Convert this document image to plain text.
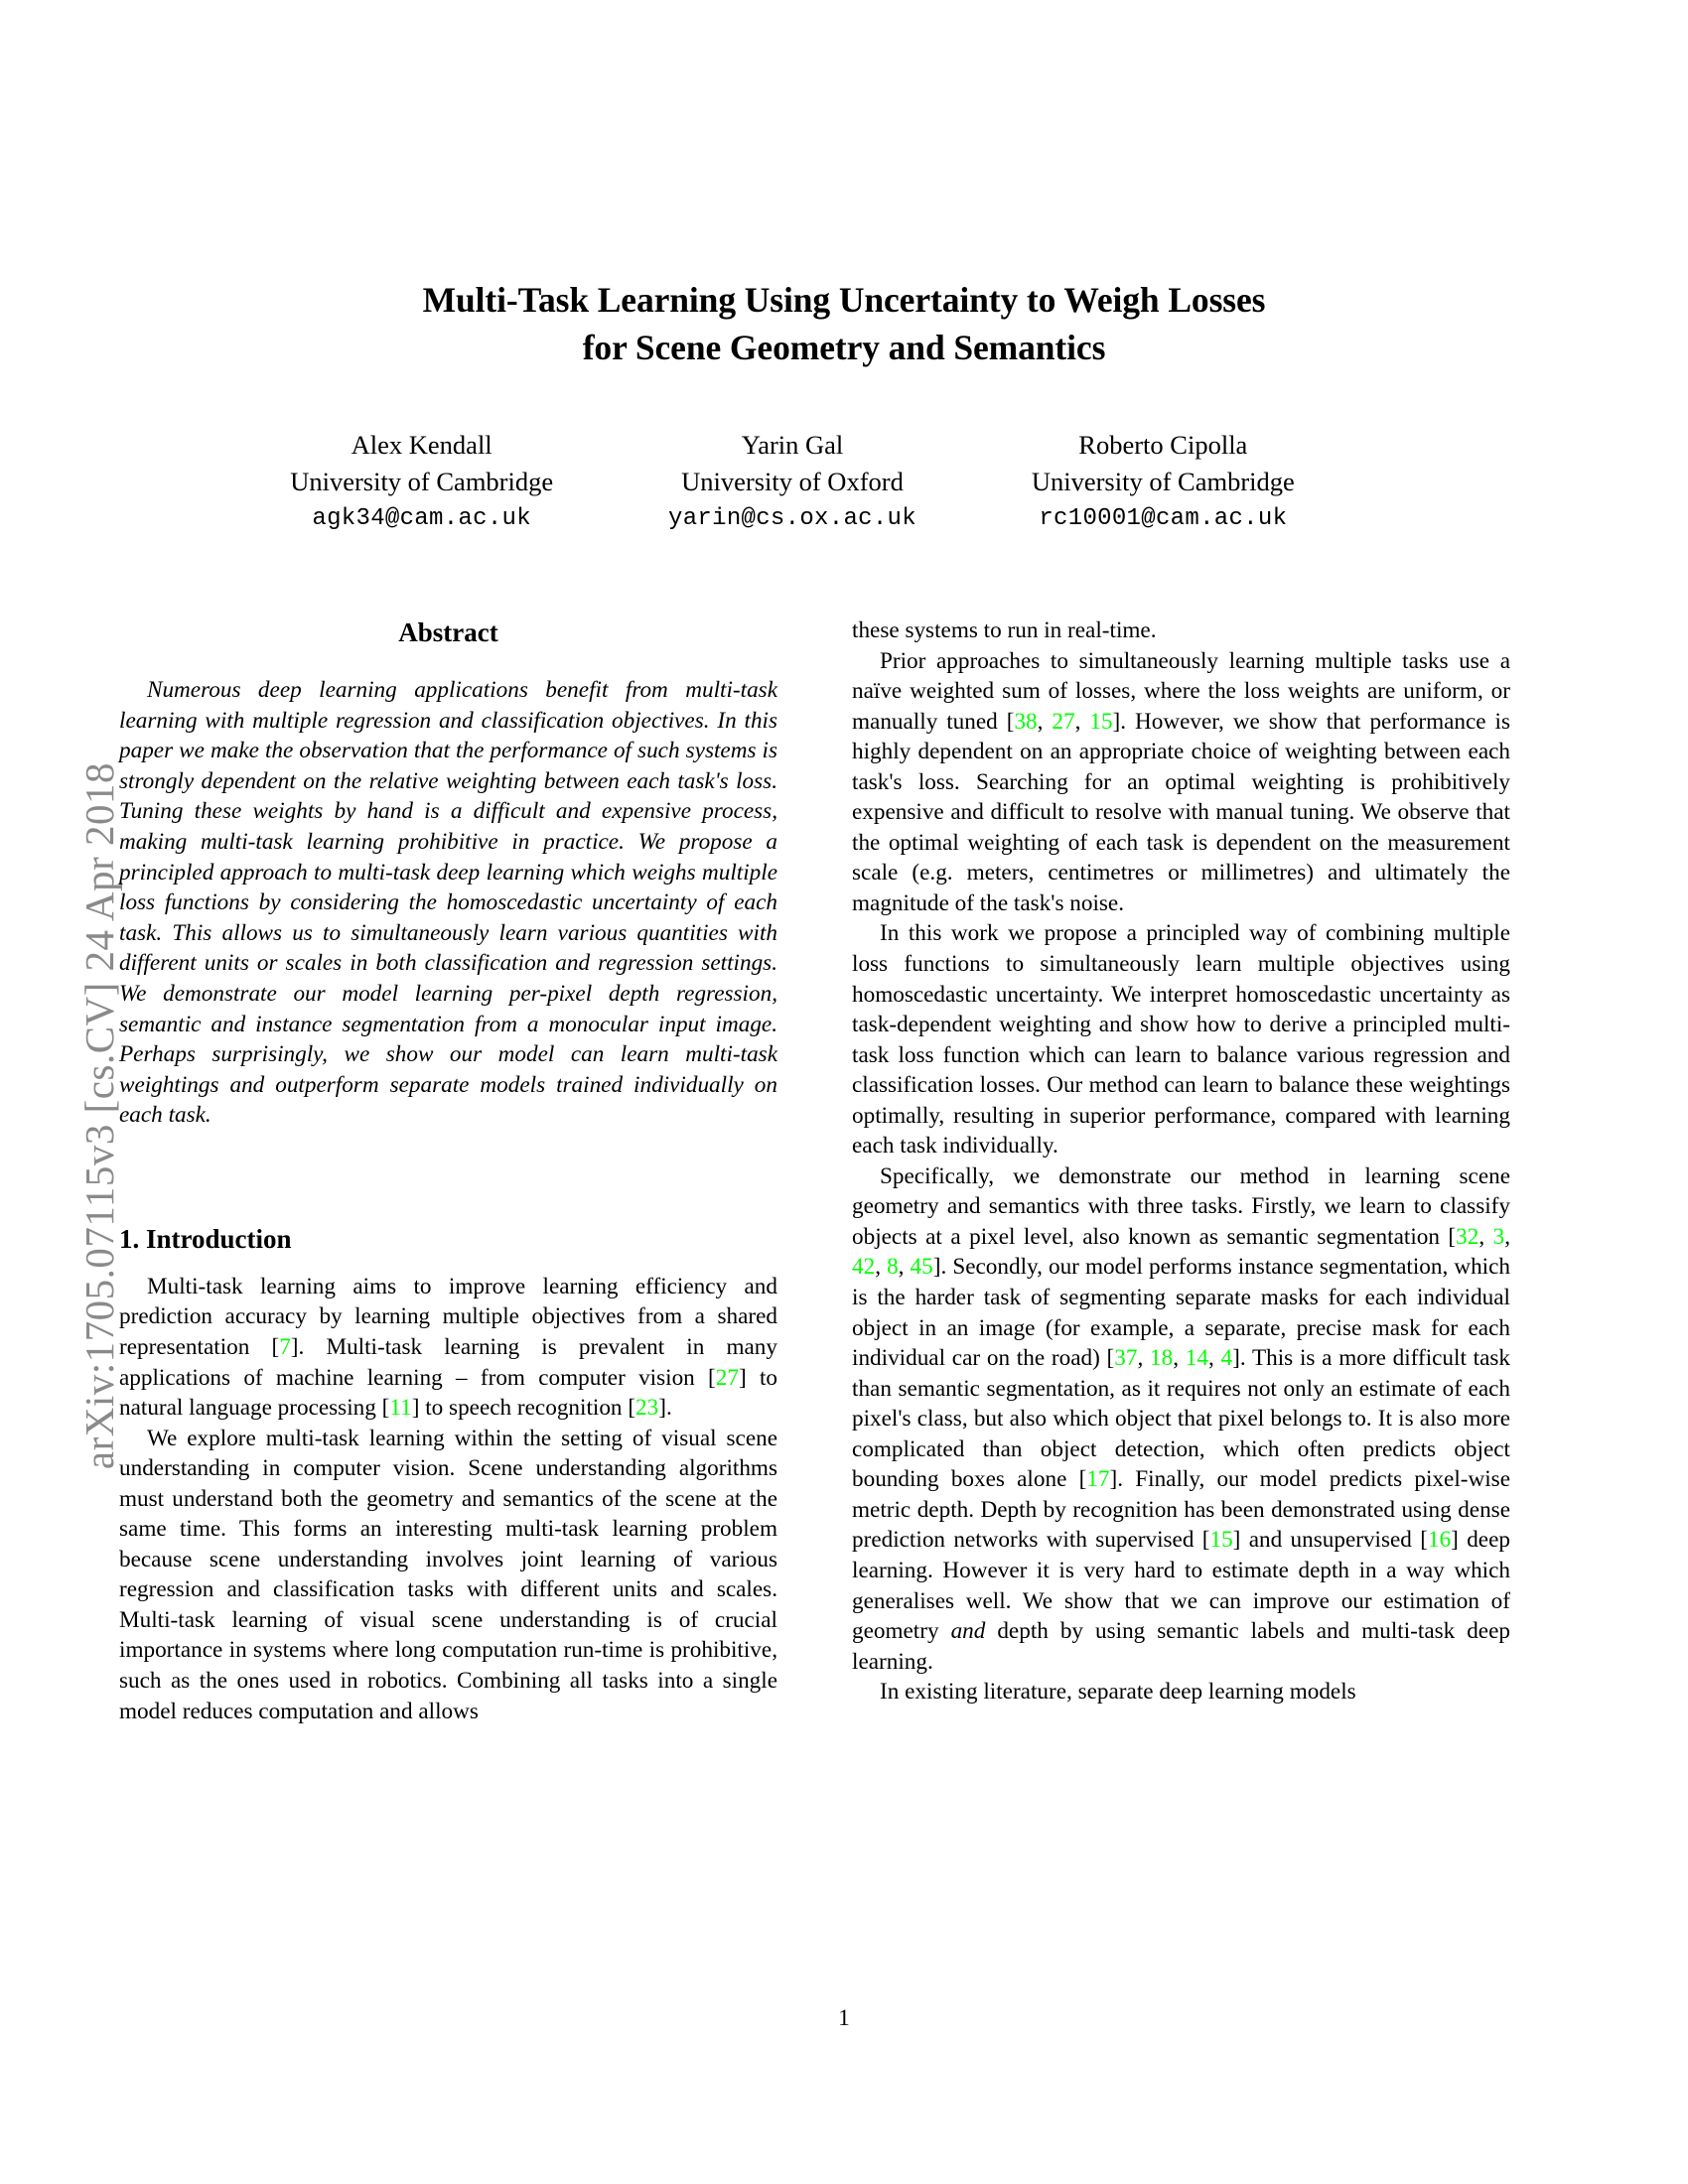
arXiv:1705.07115v3 [cs.CV] 24 Apr 2018
Multi-Task Learning Using Uncertainty to Weigh Losses
for Scene Geometry and Semantics
Alex Kendall
University of Cambridge
agk34@cam.ac.uk
Yarin Gal
University of Oxford
yarin@cs.ox.ac.uk
Roberto Cipolla
University of Cambridge
rc10001@cam.ac.uk
Abstract

Numerous deep learning applications benefit from multi-task learning with multiple regression and classification objectives. In this paper we make the observation that the performance of such systems is strongly dependent on the relative weighting between each task's loss. Tuning these weights by hand is a difficult and expensive process, making multi-task learning prohibitive in practice. We propose a principled approach to multi-task deep learning which weighs multiple loss functions by considering the homoscedastic uncertainty of each task. This allows us to simultaneously learn various quantities with different units or scales in both classification and regression settings. We demonstrate our model learning per-pixel depth regression, semantic and instance segmentation from a monocular input image. Perhaps surprisingly, we show our model can learn multi-task weightings and outperform separate models trained individually on each task.

1. Introduction

Multi-task learning aims to improve learning efficiency and prediction accuracy by learning multiple objectives from a shared representation [7]. Multi-task learning is prevalent in many applications of machine learning – from computer vision [27] to natural language processing [11] to speech recognition [23].

We explore multi-task learning within the setting of visual scene understanding in computer vision. Scene understanding algorithms must understand both the geometry and semantics of the scene at the same time. This forms an interesting multi-task learning problem because scene understanding involves joint learning of various regression and classification tasks with different units and scales. Multi-task learning of visual scene understanding is of crucial importance in systems where long computation run-time is prohibitive, such as the ones used in robotics. Combining all tasks into a single model reduces computation and allows

these systems to run in real-time.

Prior approaches to simultaneously learning multiple tasks use a naïve weighted sum of losses, where the loss weights are uniform, or manually tuned [38, 27, 15]. However, we show that performance is highly dependent on an appropriate choice of weighting between each task's loss. Searching for an optimal weighting is prohibitively expensive and difficult to resolve with manual tuning. We observe that the optimal weighting of each task is dependent on the measurement scale (e.g. meters, centimetres or millimetres) and ultimately the magnitude of the task's noise.

In this work we propose a principled way of combining multiple loss functions to simultaneously learn multiple objectives using homoscedastic uncertainty. We interpret homoscedastic uncertainty as task-dependent weighting and show how to derive a principled multi-task loss function which can learn to balance various regression and classification losses. Our method can learn to balance these weightings optimally, resulting in superior performance, compared with learning each task individually.

Specifically, we demonstrate our method in learning scene geometry and semantics with three tasks. Firstly, we learn to classify objects at a pixel level, also known as semantic segmentation [32, 3, 42, 8, 45]. Secondly, our model performs instance segmentation, which is the harder task of segmenting separate masks for each individual object in an image (for example, a separate, precise mask for each individual car on the road) [37, 18, 14, 4]. This is a more difficult task than semantic segmentation, as it requires not only an estimate of each pixel's class, but also which object that pixel belongs to. It is also more complicated than object detection, which often predicts object bounding boxes alone [17]. Finally, our model predicts pixel-wise metric depth. Depth by recognition has been demonstrated using dense prediction networks with supervised [15] and unsupervised [16] deep learning. However it is very hard to estimate depth in a way which generalises well. We show that we can improve our estimation of geometry and depth by using semantic labels and multi-task deep learning.

In existing literature, separate deep learning models

1
